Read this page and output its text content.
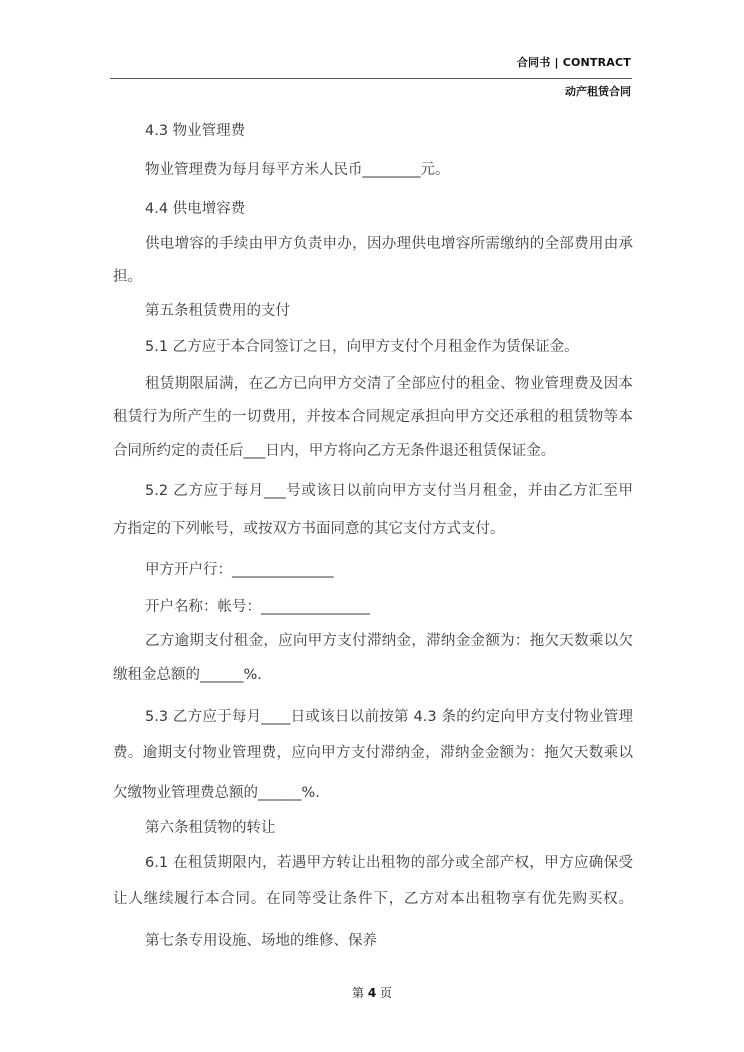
合同书 | CONTRACT
动产租赁合同
4.3 物业管理费
物业管理费为每月每平方米人民币________元。
4.4 供电增容费
供电增容的手续由甲方负责申办，因办理供电增容所需缴纳的全部费用由承
担。
第五条租赁费用的支付
5.1 乙方应于本合同签订之日，向甲方支付个月租金作为赁保证金。
租赁期限届满，在乙方已向甲方交清了全部应付的租金、物业管理费及因本
租赁行为所产生的一切费用，并按本合同规定承担向甲方交还承租的租赁物等本
合同所约定的责任后___日内，甲方将向乙方无条件退还租赁保证金。
5.2 乙方应于每月___号或该日以前向甲方支付当月租金，并由乙方汇至甲
方指定的下列帐号，或按双方书面同意的其它支付方式支付。
甲方开户行：______________
开户名称：帐号：_______________
乙方逾期支付租金，应向甲方支付滞纳金，滞纳金金额为：拖欠天数乘以欠
缴租金总额的______%.
5.3 乙方应于每月____日或该日以前按第 4.3 条的约定向甲方支付物业管理
费。逾期支付物业管理费，应向甲方支付滞纳金，滞纳金金额为：拖欠天数乘以
欠缴物业管理费总额的______%.
第六条租赁物的转让
6.1 在租赁期限内，若遇甲方转让出租物的部分或全部产权，甲方应确保受
让人继续履行本合同。在同等受让条件下，乙方对本出租物享有优先购买权。
第七条专用设施、场地的维修、保养
第 4 页
